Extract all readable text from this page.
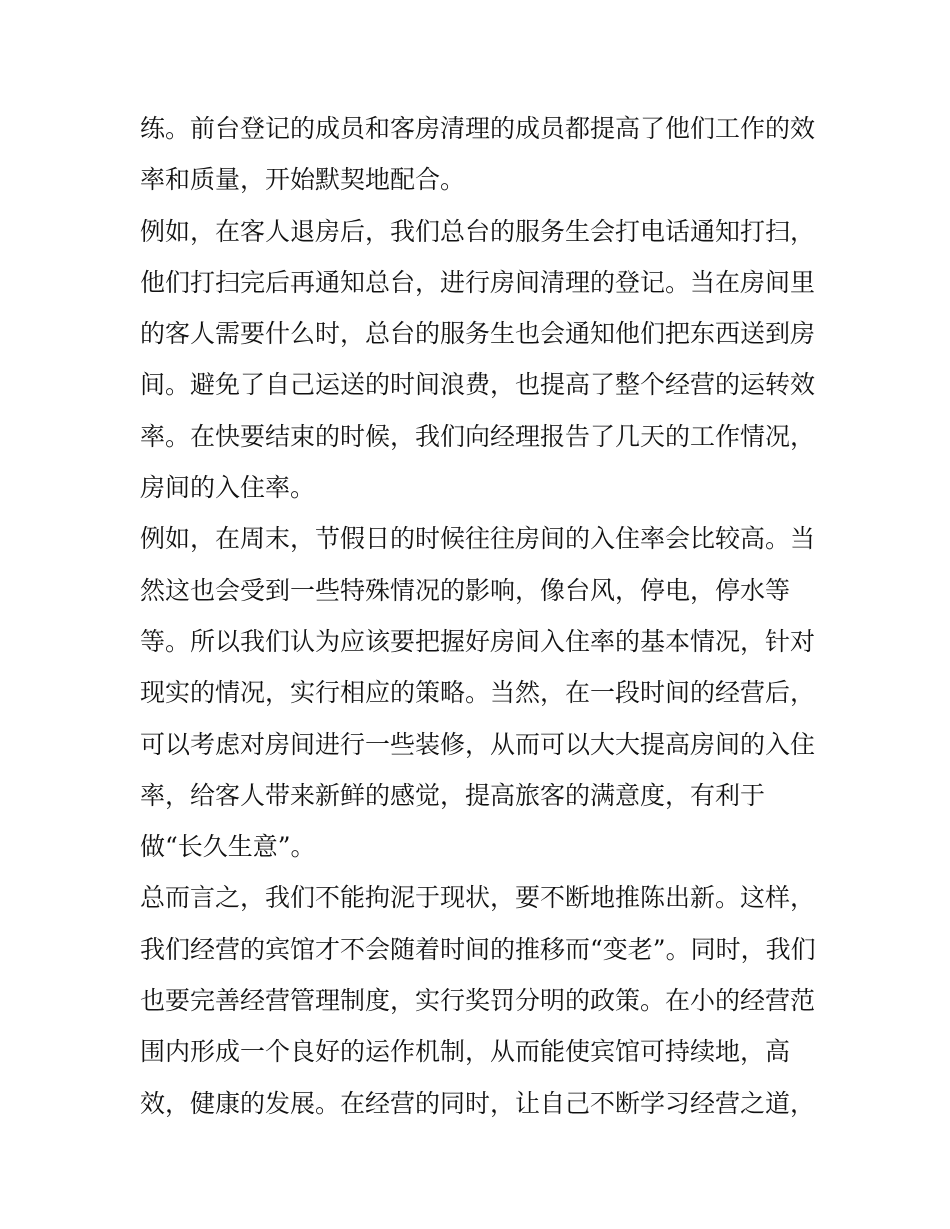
练。前台登记的成员和客房清理的成员都提高了他们工作的效
率和质量，开始默契地配合。
例如，在客人退房后，我们总台的服务生会打电话通知打扫，
他们打扫完后再通知总台，进行房间清理的登记。当在房间里
的客人需要什么时，总台的服务生也会通知他们把东西送到房
间。避免了自己运送的时间浪费，也提高了整个经营的运转效
率。在快要结束的时候，我们向经理报告了几天的工作情况，
房间的入住率。
例如，在周末，节假日的时候往往房间的入住率会比较高。当
然这也会受到一些特殊情况的影响，像台风，停电，停水等
等。所以我们认为应该要把握好房间入住率的基本情况，针对
现实的情况，实行相应的策略。当然，在一段时间的经营后，
可以考虑对房间进行一些装修，从而可以大大提高房间的入住
率，给客人带来新鲜的感觉，提高旅客的满意度，有利于
做“长久生意”。
总而言之，我们不能拘泥于现状，要不断地推陈出新。这样，
我们经营的宾馆才不会随着时间的推移而“变老”。同时，我们
也要完善经营管理制度，实行奖罚分明的政策。在小的经营范
围内形成一个良好的运作机制，从而能使宾馆可持续地，高
效，健康的发展。在经营的同时，让自己不断学习经营之道，
